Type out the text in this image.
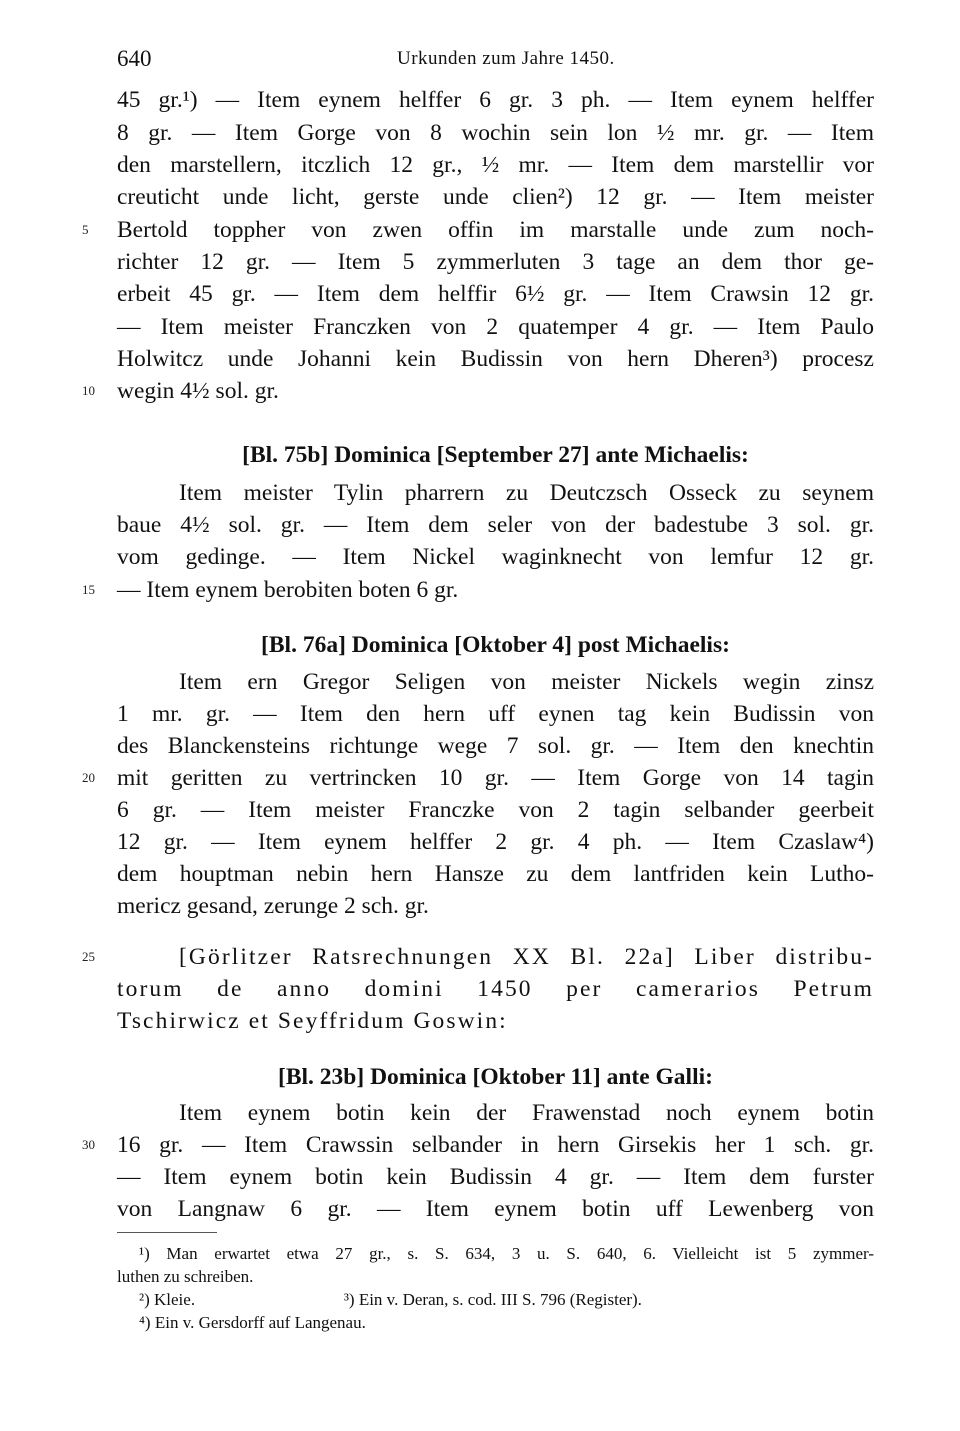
640	Urkunden zum Jahre 1450.
45 gr.¹) — Item eynem helffer 6 gr. 3 ph. — Item eynem helffer
8 gr. — Item Gorge von 8 wochin sein lon ½ mr. gr. — Item
den marstellern, itczlich 12 gr., ½ mr. — Item dem marstellir vor
creuticht unde licht, gerste unde clien²) 12 gr. — Item meister
Bertold toppher von zwen offin im marstalle unde zum noch-
richter 12 gr. — Item 5 zymmerluten 3 tage an dem thor ge-
erbeit 45 gr. — Item dem helffir 6½ gr. — Item Crawsin 12 gr.
— Item meister Franczken von 2 quatemper 4 gr. — Item Paulo
Holwitcz unde Johanni kein Budissin von hern Dheren³) procesz
wegin 4½ sol. gr.
[Bl. 75b] Dominica [September 27] ante Michaelis:
Item meister Tylin pharrern zu Deutczsch Osseck zu seynem
baue 4½ sol. gr. — Item dem seler von der badestube 3 sol. gr.
vom gedinge. — Item Nickel waginknecht von lemfur 12 gr.
— Item eynem berobiten boten 6 gr.
[Bl. 76a] Dominica [Oktober 4] post Michaelis:
Item ern Gregor Seligen von meister Nickels wegin zinsz
1 mr. gr. — Item den hern uff eynen tag kein Budissin von
des Blanckensteins richtunge wege 7 sol. gr. — Item den knechtin
mit geritten zu vertrincken 10 gr. — Item Gorge von 14 tagin
6 gr. — Item meister Franczke von 2 tagin selbander geerbeit
12 gr. — Item eynem helffer 2 gr. 4 ph. — Item Czaslaw⁴)
dem houptman nebin hern Hansze zu dem lantfriden kein Lutho-
mericz gesand, zerunge 2 sch. gr.
[Görlitzer Ratsrechnungen XX Bl. 22a] Liber distribu-
torum de anno domini 1450 per camerarios Petrum
Tschirwicz et Seyffridum Goswin:
[Bl. 23b] Dominica [Oktober 11] ante Galli:
Item eynem botin kein der Frawenstad noch eynem botin
16 gr. — Item Crawssin selbander in hern Girsekis her 1 sch. gr.
— Item eynem botin kein Budissin 4 gr. — Item dem furster
von Langnaw 6 gr. — Item eynem botin uff Lewenberg von
5
10
15
20
25
30
¹) Man erwartet etwa 27 gr., s. S. 634, 3 u. S. 640, 6. Vielleicht ist 5 zymmer-
luthen zu schreiben.
²) Kleie.                                   ³) Ein v. Deran, s. cod. III S. 796 (Register).
⁴) Ein v. Gersdorff auf Langenau.
